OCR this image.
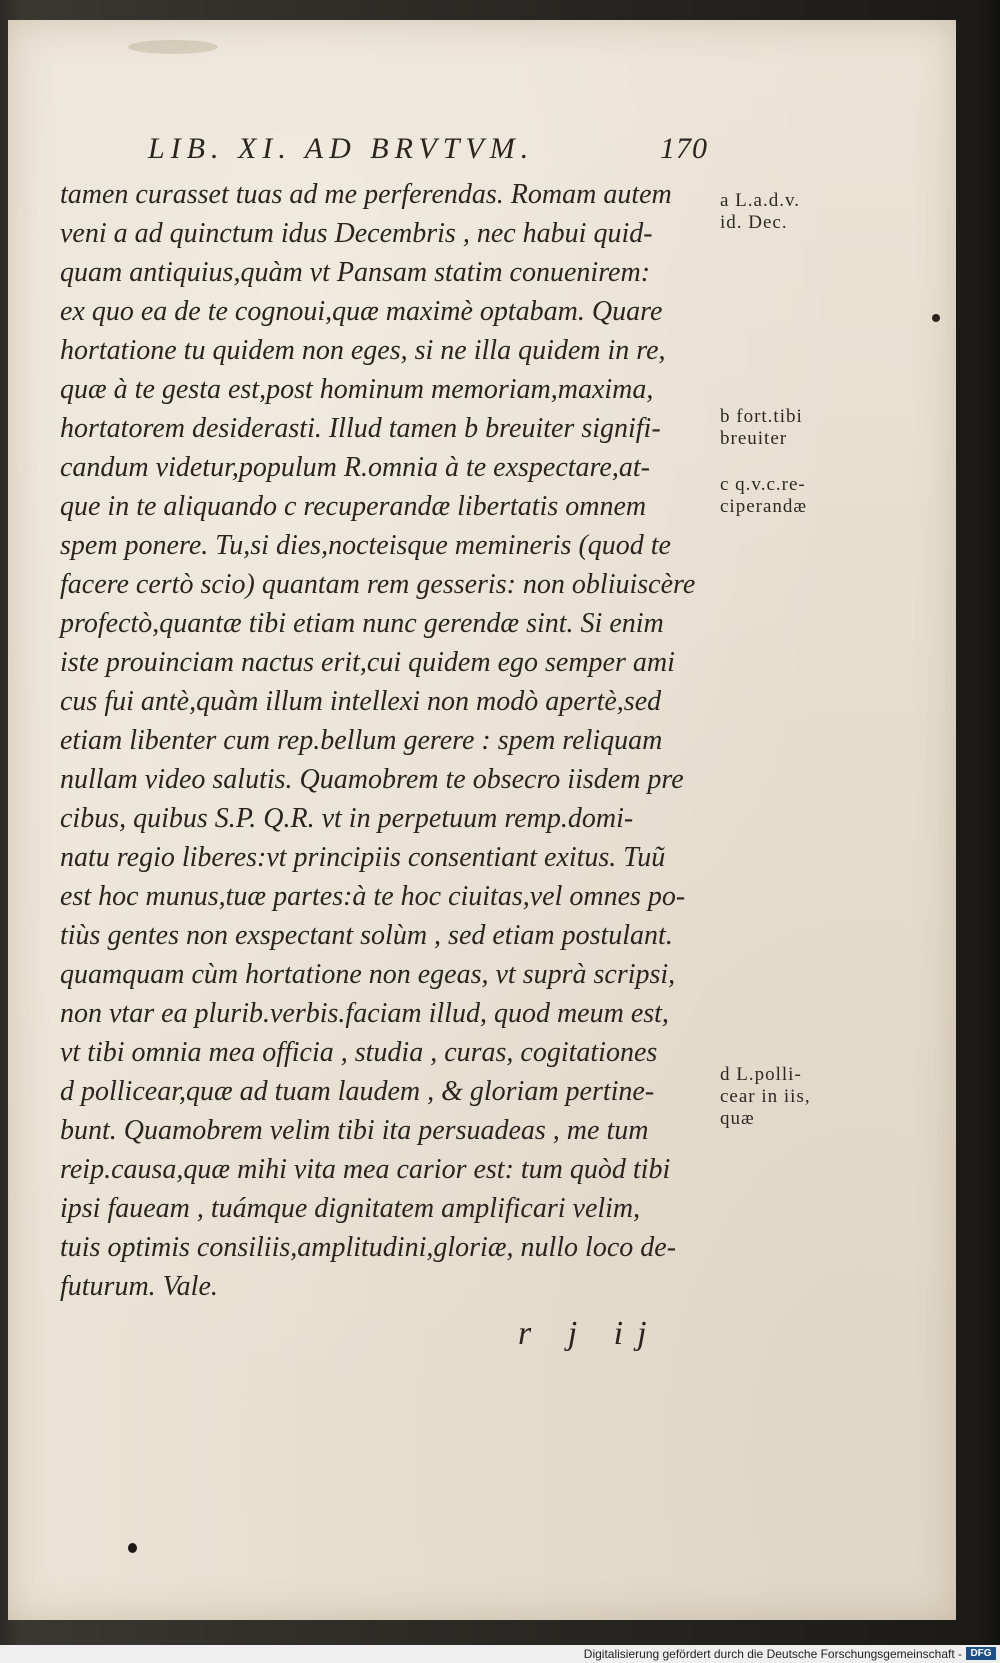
LIB. XI. AD BRVTVM.	170
tamen curasset tuas ad me perferendas. Romam autem
veni a ad quinctum idus Decembris , nec habui quid-
quam antiquius,quàm vt Pansam statim conuenirem:
ex quo ea de te cognoui,quæ maximè optabam. Quare
hortatione tu quidem non eges, si ne illa quidem in re,
quæ à te gesta est,post hominum memoriam,maxima,
hortatorem desiderasti. Illud tamen b breuiter signifi-
candum videtur,populum R.omnia à te exspectare,at-
que in te aliquando c recuperandæ libertatis omnem
spem ponere. Tu,si dies,nocteisque memineris (quod te
facere certò scio) quantam rem gesseris: non obliuiscère
profectò,quantæ tibi etiam nunc gerendæ sint. Si enim
iste prouinciam nactus erit,cui quidem ego semper ami
cus fui antè,quàm illum intellexi non modò apertè,sed
etiam libenter cum rep.bellum gerere : spem reliquam
nullam video salutis. Quamobrem te obsecro iisdem pre
cibus, quibus S.P. Q.R. vt in perpetuum remp.domi-
natu regio liberes:vt principiis consentiant exitus. Tuũ
est hoc munus,tuæ partes:à te hoc ciuitas,vel omnes po-
tiùs gentes non exspectant solùm , sed etiam postulant.
quamquam cùm hortatione non egeas, vt suprà scripsi,
non vtar ea plurib.verbis.faciam illud, quod meum est,
vt tibi omnia mea officia , studia , curas, cogitationes
d pollicear,quæ ad tuam laudem , & gloriam pertine-
bunt. Quamobrem velim tibi ita persuadeas , me tum
reip.causa,quæ mihi vita mea carior est: tum quòd tibi
ipsi faueam , tuámque dignitatem amplificari velim,
tuis optimis consiliis,amplitudini,gloriæ, nullo loco de-
futurum. Vale.
a L.a.d.v.
id. Dec.
b fort.tibi
breuiter
c q.v.c.re-
ciperandæ
d L.polli-
cear in iis,
quæ
r j ij
Digitalisierung gefördert durch die Deutsche Forschungsgemeinschaft - DFG
